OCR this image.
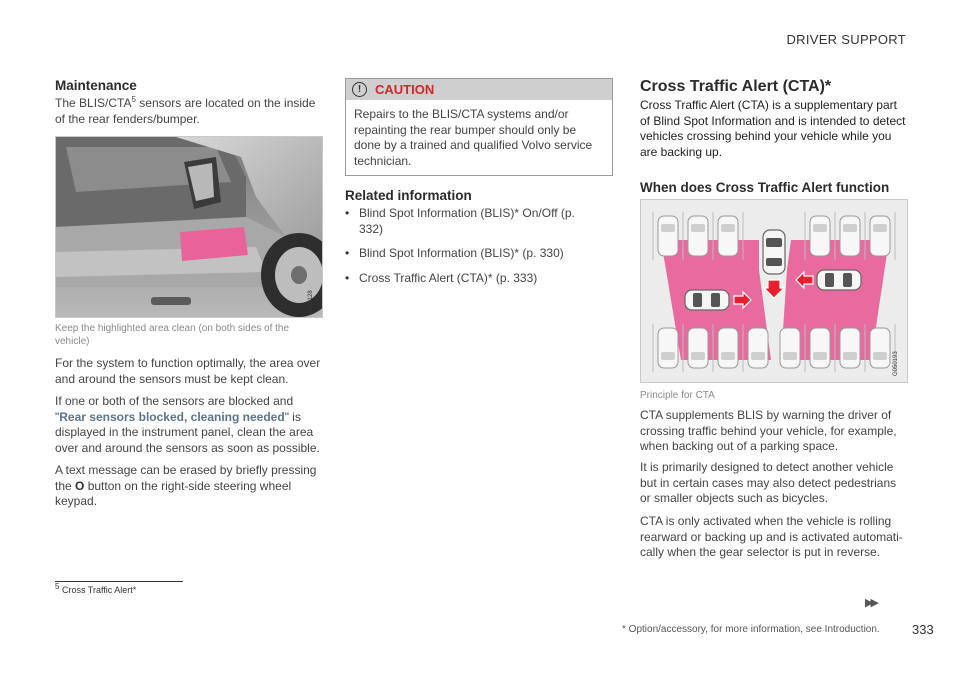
DRIVER SUPPORT
Maintenance
The BLIS/CTA$^5$ sensors are located on the inside of the rear fenders/bumper.
G050128
Keep the highlighted area clean (on both sides of the vehicle)
For the system to function optimally, the area over and around the sensors must be kept clean.
If one or both of the sensors are blocked and "Rear sensors blocked, cleaning needed" is displayed in the instrument panel, clean the area over and around the sensors as soon as possible.
A text message can be erased by briefly pressing the O button on the right-side steering wheel keypad.
$^5$ Cross Traffic Alert*
!	CAUTION
Repairs to the BLIS/CTA systems and/or repainting the rear bumper should only be done by a trained and qualified Volvo service technician.
Related information
• Blind Spot Information (BLIS)* On/Off (p. 332)
• Blind Spot Information (BLIS)* (p. 330)
• Cross Traffic Alert (CTA)* (p. 333)
Cross Traffic Alert (CTA)*
Cross Traffic Alert (CTA) is a supplementary part of Blind Spot Information and is intended to detect vehicles crossing behind your vehicle while you are backing up.
When does Cross Traffic Alert function
G050193
Principle for CTA
CTA supplements BLIS by warning the driver of crossing traffic behind your vehicle, for example, when backing out of a parking space.
It is primarily designed to detect another vehicle but in certain cases may also detect pedestrians or smaller objects such as bicycles.
CTA is only activated when the vehicle is rolling rearward or backing up and is activated automati-cally when the gear selector is put in reverse.
▶▶
* Option/accessory, for more information, see Introduction. 333
